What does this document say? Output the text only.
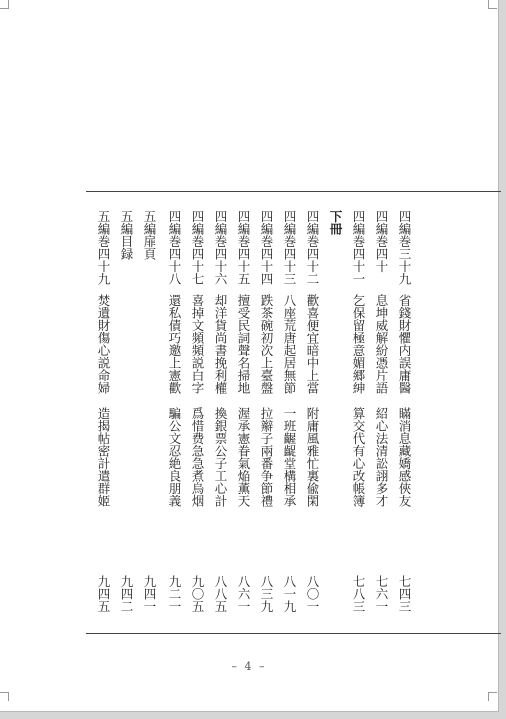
四編巻三十九
省錢財懼内誤庸醫
瞞消息藏嬌感俠友
七四三
四編巻四十
息坤威解紛憑片語
紹心法清訟詡多才
七六一
四編巻四十一
乞保留極意媚郷紳
算交代有心改帳簿
七八三
下冊
四編巻四十二
歡喜便宜暗中上當
附庸風雅忙裏偸閑
八〇一
四編巻四十三
八座荒唐起居無節
一班齷齪堂構相承
八一九
四編巻四十四
跌茶碗初次上臺盤
拉辮子兩番争節禮
八三九
四編巻四十五
擅受民詞聲名掃地
渥承憲眷氣焔薫天
八六一
四編巻四十六
却洋貨尚書挽利權
換銀票公子工心計
八八五
四編巻四十七
喜掉文頻頻説白字
爲惜费急急煮烏烟
九〇五
四編巻四十八
還私債巧邀上憲歡
騙公文忍絶良朋義
九二一
五編扉頁
九四一
五編目録
九四二
五編巻四十九
焚遺財傷心説命婦
造揭帖密計遣群姬
九四五
– 4 –
